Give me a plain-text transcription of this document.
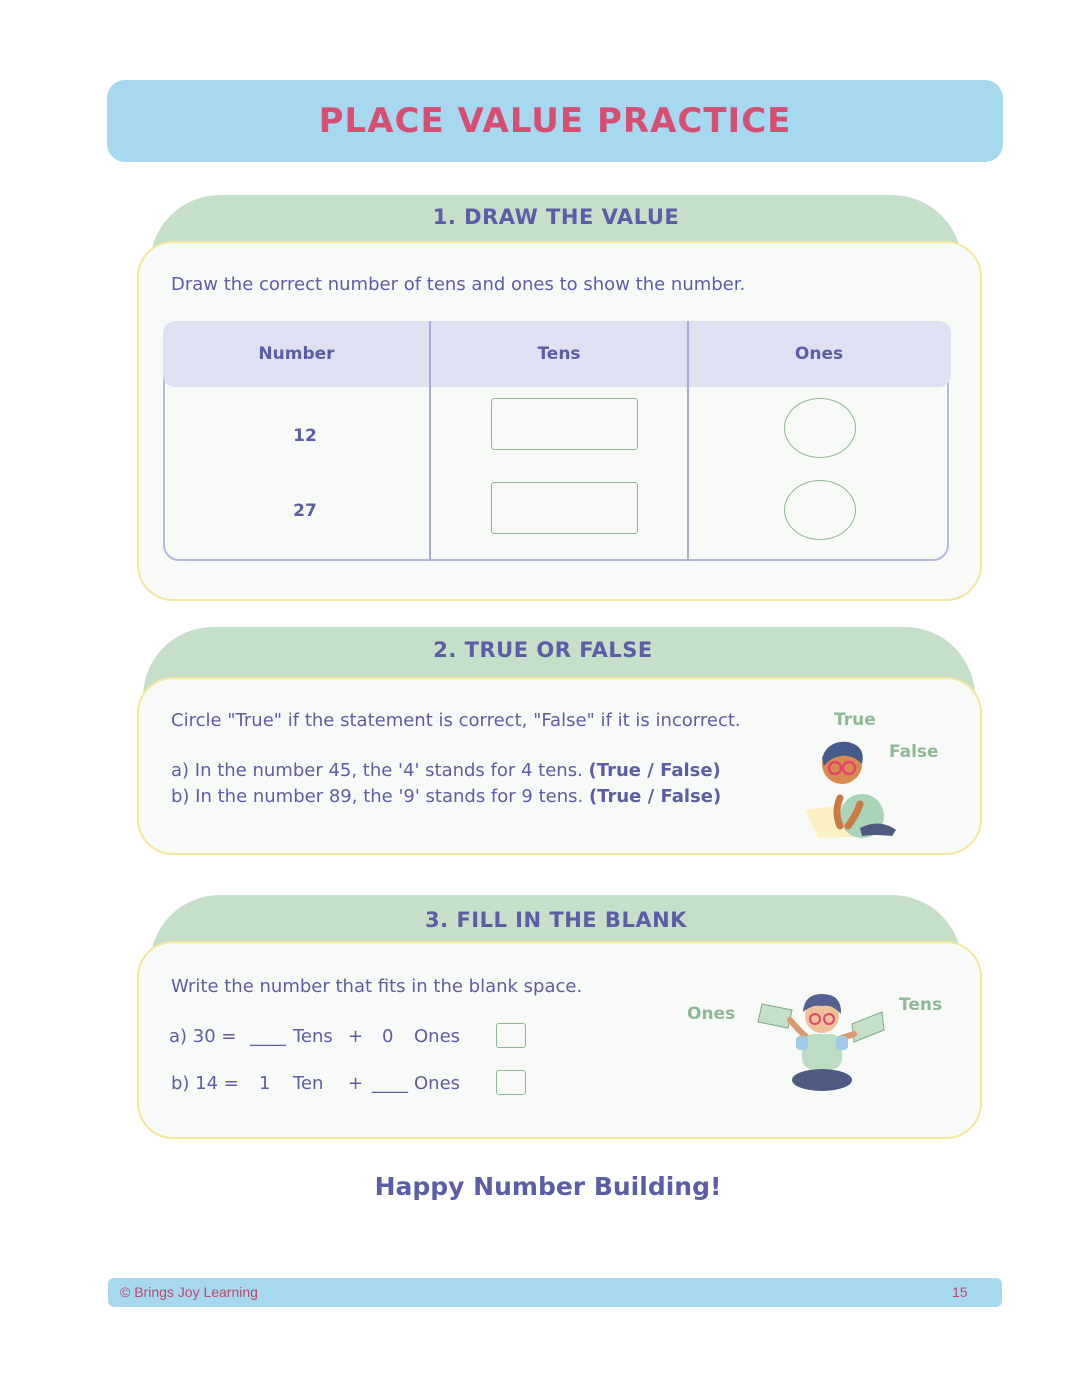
PLACE VALUE PRACTICE
1. DRAW THE VALUE
Draw the correct number of tens and ones to show the number.
Number	Tens	Ones
12
27
2. TRUE OR FALSE
Circle "True" if the statement is correct, "False" if it is incorrect.
a) In the number 45, the '4' stands for 4 tens. (True / False)
b) In the number 89, the '9' stands for 9 tens. (True / False)
True
False
3. FILL IN THE BLANK
Write the number that fits in the blank space.
a) 30 = ____ Tens + 0 Ones
b) 14 = 1 Ten + ____ Ones
Ones	Tens
Happy Number Building!
© Brings Joy Learning	15
